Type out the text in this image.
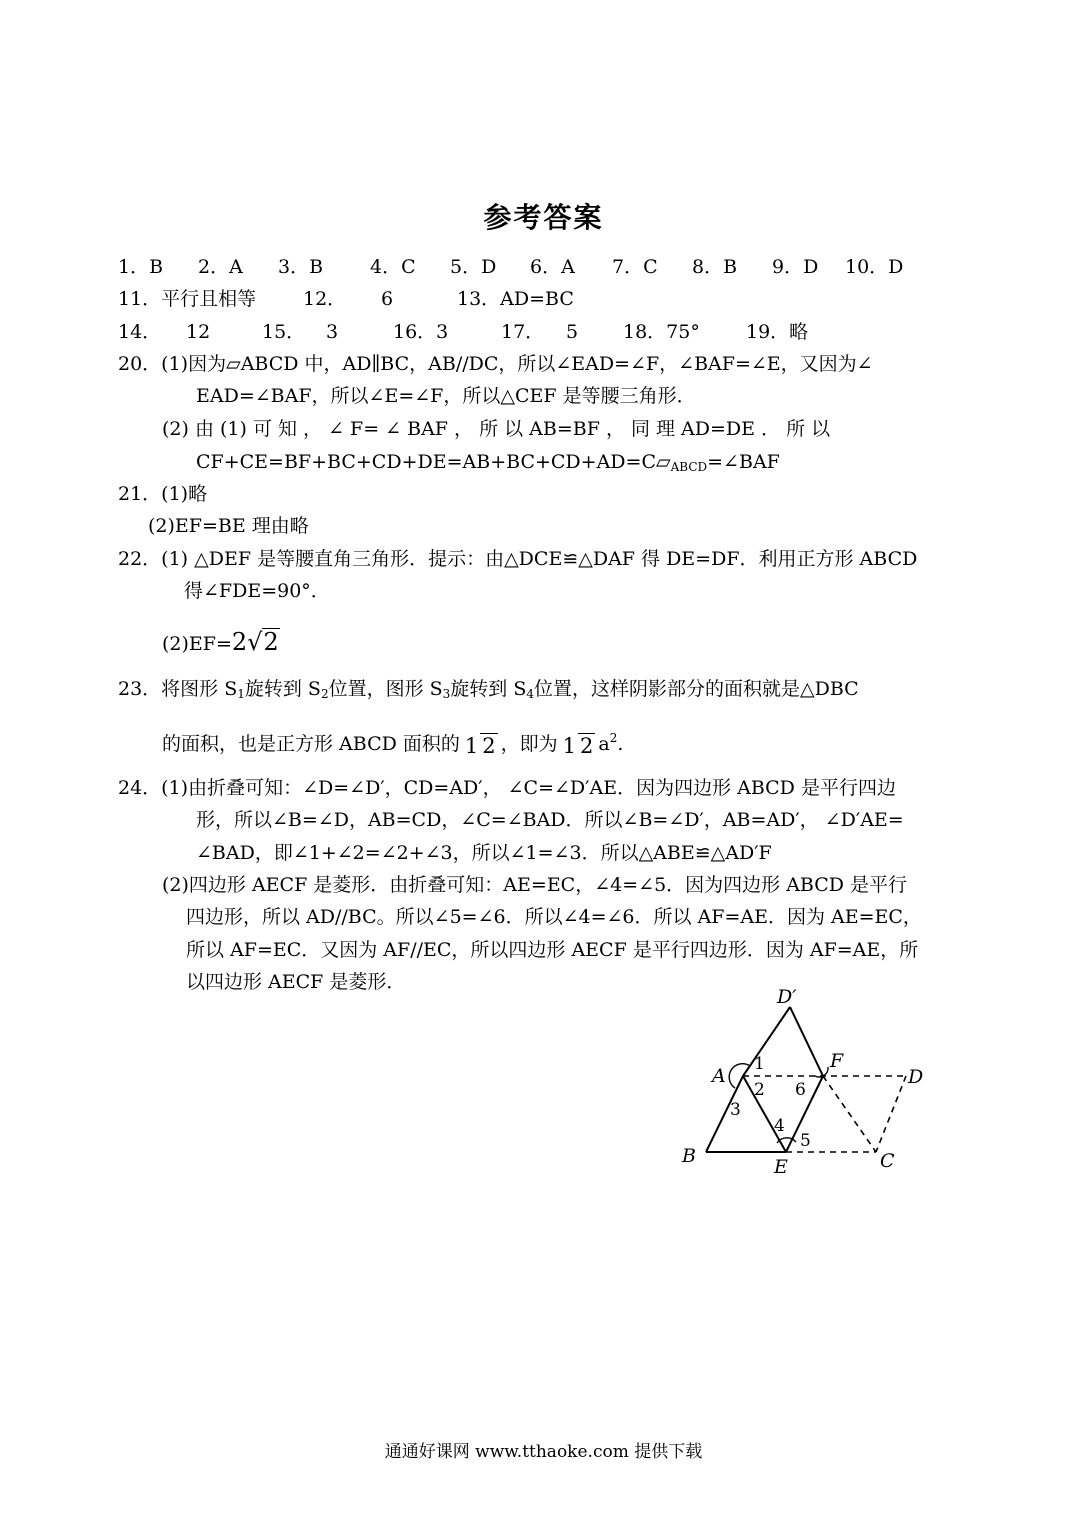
参考答案
1．B 2．A 3．B 4．C 5．D 6．A 7．C 8．B 9．D 10．D
11．平行且相等 12． 6	13．AD=BC
14． 12	15． 3	16．3	17． 5 18．75° 19．略
20．(1)因为▱ABCD 中，AD∥BC，AB//DC，所以∠EAD=∠F，∠BAF=∠E，又因为∠
EAD=∠BAF，所以∠E=∠F，所以△CEF 是等腰三角形．
(2) 由 (1) 可 知 ， ∠ F= ∠ BAF ， 所 以 AB=BF ， 同 理 AD=DE ． 所 以
CF+CE=BF+BC+CD+DE=AB+BC+CD+AD=C▱ABCD=∠BAF
21．(1)略
(2)EF=BE 理由略
22．(1) △DEF 是等腰直角三角形．提示：由△DCE≌△DAF 得 DE=DF．利用正方形 ABCD
得∠FDE=90°．
(2)EF=2√2
23．将图形 S1旋转到 S2位置，图形 S3旋转到 S4位置，这样阴影部分的面积就是△DBC
的面积，也是正方形 ABCD 面积的 1 2 ，即为 1 2 a2.
24．(1)由折叠可知：∠D=∠D′，CD=AD′， ∠C=∠D′AE．因为四边形 ABCD 是平行四边
形，所以∠B=∠D，AB=CD，∠C=∠BAD．所以∠B=∠D′，AB=AD′， ∠D′AE=
∠BAD，即∠1+∠2=∠2+∠3，所以∠1=∠3．所以△ABE≌△AD′F
(2)四边形 AECF 是菱形．由折叠可知：AE=EC，∠4=∠5．因为四边形 ABCD 是平行
四边形，所以 AD//BC。所以∠5=∠6．所以∠4=∠6．所以 AF=AE．因为 AE=EC，
所以 AF=EC．又因为 AF//EC，所以四边形 AECF 是平行四边形．因为 AF=AE，所
以四边形 AECF 是菱形．
D′
A
F
D
B	E	C
1
2
3
4
5
6
通通好课网 www.tthaoke.com 提供下载
